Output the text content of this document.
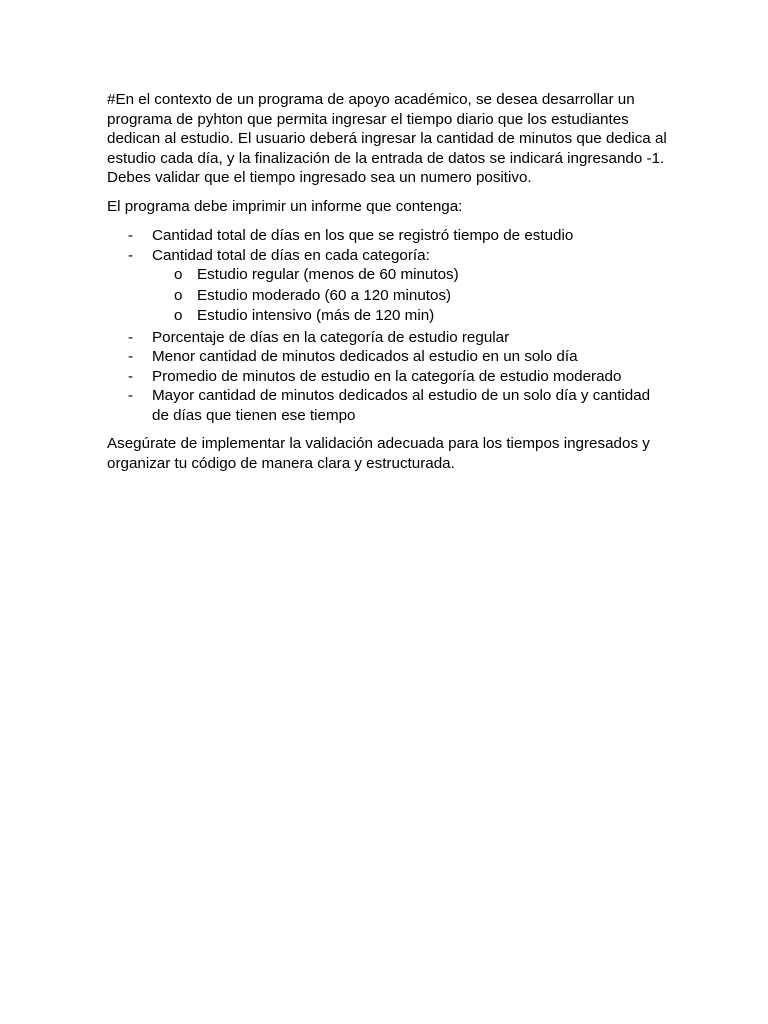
#En el contexto de un programa de apoyo académico, se desea desarrollar un programa de pyhton que permita ingresar el tiempo diario que los estudiantes dedican al estudio. El usuario deberá ingresar la cantidad de minutos que dedica al estudio cada día, y la finalización de la entrada de datos se indicará ingresando -1. Debes validar que el tiempo ingresado sea un numero positivo.

El programa debe imprimir un informe que contenga:

- Cantidad total de días en los que se registró tiempo de estudio
- Cantidad total de días en cada categoría:
o Estudio regular (menos de 60 minutos)
o Estudio moderado (60 a 120 minutos)
o Estudio intensivo (más de 120 min)
- Porcentaje de días en la categoría de estudio regular
- Menor cantidad de minutos dedicados al estudio en un solo día
- Promedio de minutos de estudio en la categoría de estudio moderado
- Mayor cantidad de minutos dedicados al estudio de un solo día y cantidad de días que tienen ese tiempo

Asegúrate de implementar la validación adecuada para los tiempos ingresados y organizar tu código de manera clara y estructurada.
